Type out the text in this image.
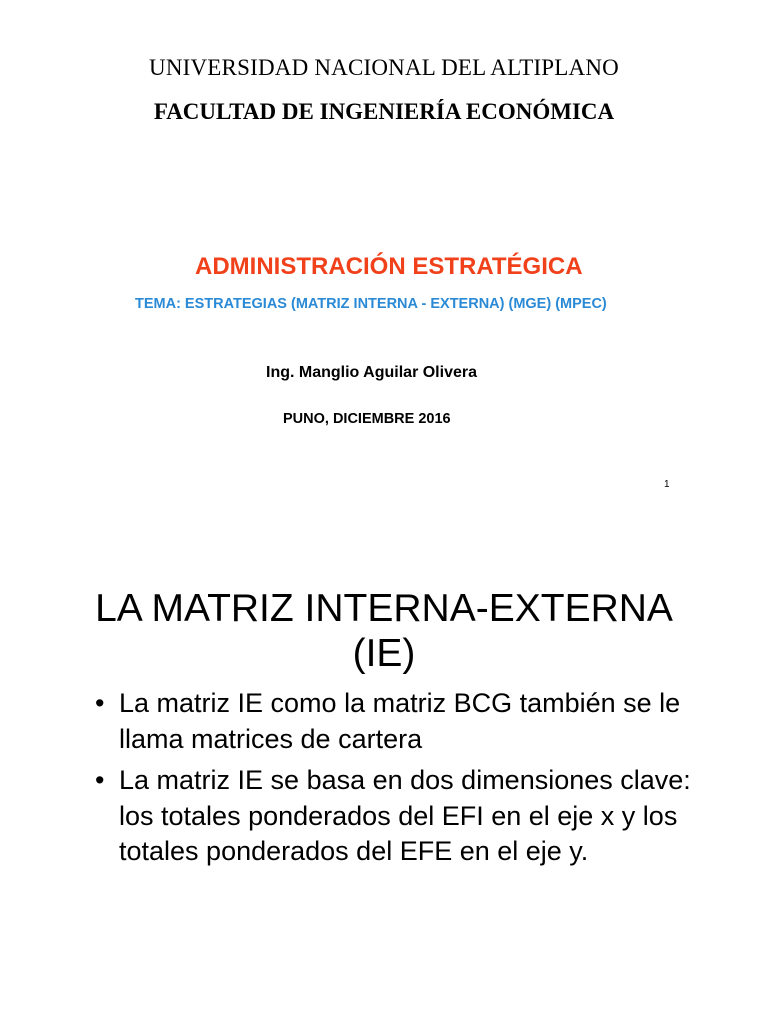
UNIVERSIDAD NACIONAL DEL ALTIPLANO
FACULTAD DE INGENIERÍA ECONÓMICA
ADMINISTRACIÓN ESTRATÉGICA
TEMA: ESTRATEGIAS (MATRIZ INTERNA - EXTERNA) (MGE) (MPEC)
Ing. Manglio Aguilar Olivera
PUNO, DICIEMBRE 2016
1
LA MATRIZ INTERNA-EXTERNA (IE)
• La matriz IE como la matriz BCG también se le llama matrices de cartera
• La matriz IE se basa en dos dimensiones clave: los totales ponderados del EFI en el eje x y los totales ponderados del EFE en el eje y.
